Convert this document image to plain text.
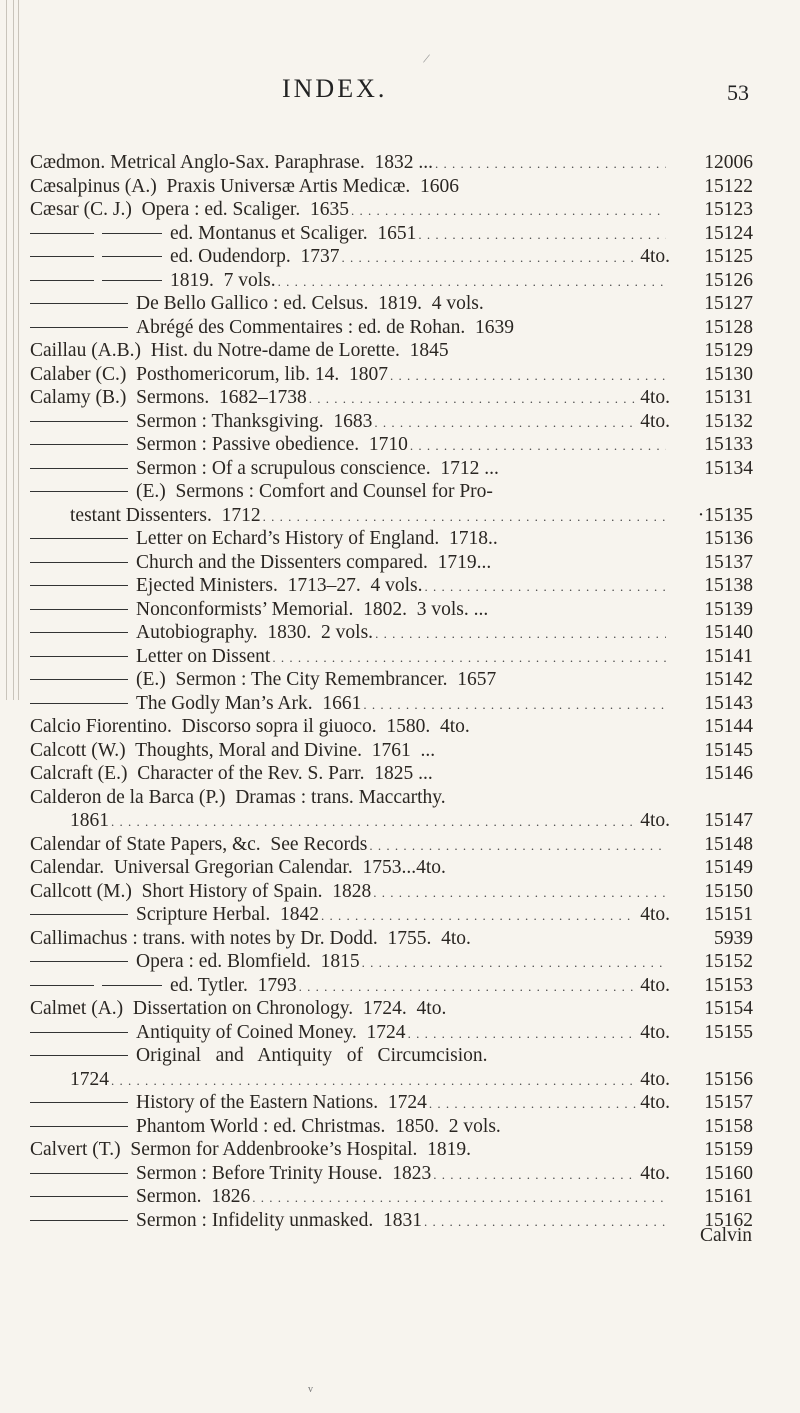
/
INDEX.	53
Cædmon. Metrical Anglo-Sax. Paraphrase.  1832 ... . . .	12006
Cæsalpinus (A.)  Praxis Universæ Artis Medicæ.  1606	15122
Cæsar (C. J.)  Opera : ed. Scaliger.  1635 . . .	15123
ed. Montanus et Scaliger.  1651 . . .	15124
ed. Oudendorp.  1737 . . .	4to.	15125
1819.  7 vols. . . .	15126
De Bello Gallico : ed. Celsus.  1819.  4 vols.	15127
Abrégé des Commentaires : ed. de Rohan.  1639	15128
Caillau (A.B.)  Hist. du Notre-dame de Lorette.  1845	15129
Calaber (C.)  Posthomericorum, lib. 14.  1807 . . .	15130
Calamy (B.)  Sermons.  1682–1738 . . .	4to.	15131
Sermon : Thanksgiving.  1683 . . .	4to.	15132
Sermon : Passive obedience.  1710 . . .	15133
Sermon : Of a scrupulous conscience.  1712 ...	15134
(E.)  Sermons : Comfort and Counsel for Pro-
testant Dissenters.  1712 . . .	·15135
Letter on Echard’s History of England.  1718..	15136
Church and the Dissenters compared.  1719...	15137
Ejected Ministers.  1713–27.  4 vols. . . .	15138
Nonconformists’ Memorial.  1802.  3 vols. ...	15139
Autobiography.  1830.  2 vols. . . .	15140
Letter on Dissent . . .	15141
(E.)  Sermon : The City Remembrancer.  1657	15142
The Godly Man’s Ark.  1661 . . .	15143
Calcio Fiorentino.  Discorso sopra il giuoco.  1580.  4to.	15144
Calcott (W.)  Thoughts, Moral and Divine.  1761  ...	15145
Calcraft (E.)  Character of the Rev. S. Parr.  1825 ...	15146
Calderon de la Barca (P.)  Dramas : trans. Maccarthy.
1861 . . .	4to.	15147
Calendar of State Papers, &c.  See Records . . .	15148
Calendar.  Universal Gregorian Calendar.  1753...4to.	15149
Callcott (M.)  Short History of Spain.  1828 . . .	15150
Scripture Herbal.  1842 . . .	4to.	15151
Callimachus : trans. with notes by Dr. Dodd.  1755.  4to.	5939
Opera : ed. Blomfield.  1815 . . .	15152
ed. Tytler.  1793 . . .	4to.	15153
Calmet (A.)  Dissertation on Chronology.  1724.  4to.	15154
Antiquity of Coined Money.  1724 . . .	4to.	15155
Original   and   Antiquity   of   Circumcision.
1724 . . .	4to.	15156
History of the Eastern Nations.  1724 . . .	4to.	15157
Phantom World : ed. Christmas.  1850.  2 vols.	15158
Calvert (T.)  Sermon for Addenbrooke’s Hospital.  1819.	15159
Sermon : Before Trinity House.  1823 . . .	4to.	15160
Sermon.  1826 . . .	15161
Sermon : Infidelity unmasked.  1831 . . .	15162
Calvin
v
